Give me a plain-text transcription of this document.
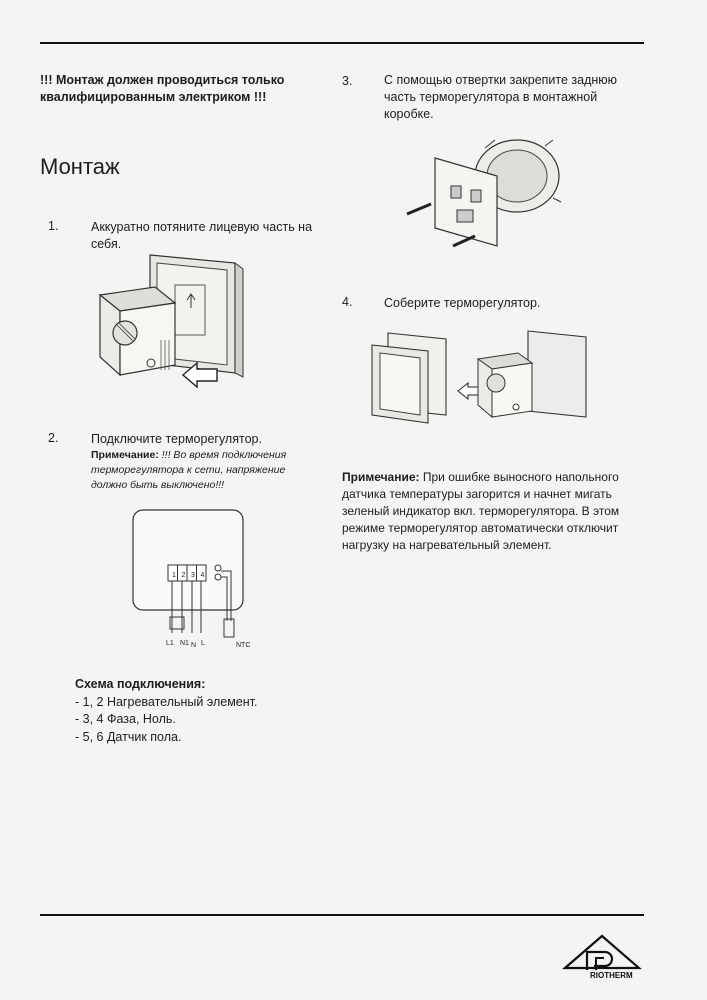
!!! Монтаж должен проводиться только квалифицированным электриком !!!
Монтаж
1.	Аккуратно потяните лицевую часть на себя.
2.	Подключите терморегулятор.
Примечание: !!! Во время подключения терморегулятора к сети, напряжение должно быть выключено!!!
1 2 3 4
L1 N1 N L	NTC
Схема подключения:
- 1, 2 Нагревательный элемент.
- 3, 4 Фаза, Ноль.
- 5, 6 Датчик пола.
3.	С помощью отвертки закрепите заднюю часть терморегулятора в монтажной коробке.
4.	Соберите терморегулятор.
Примечание: При ошибке выносного напольного датчика температуры загорится и начнет мигать зеленый индикатор вкл. терморегулятора. В этом режиме терморегулятор автоматически отключит нагрузку на нагревательный элемент.
RIOTHERM
